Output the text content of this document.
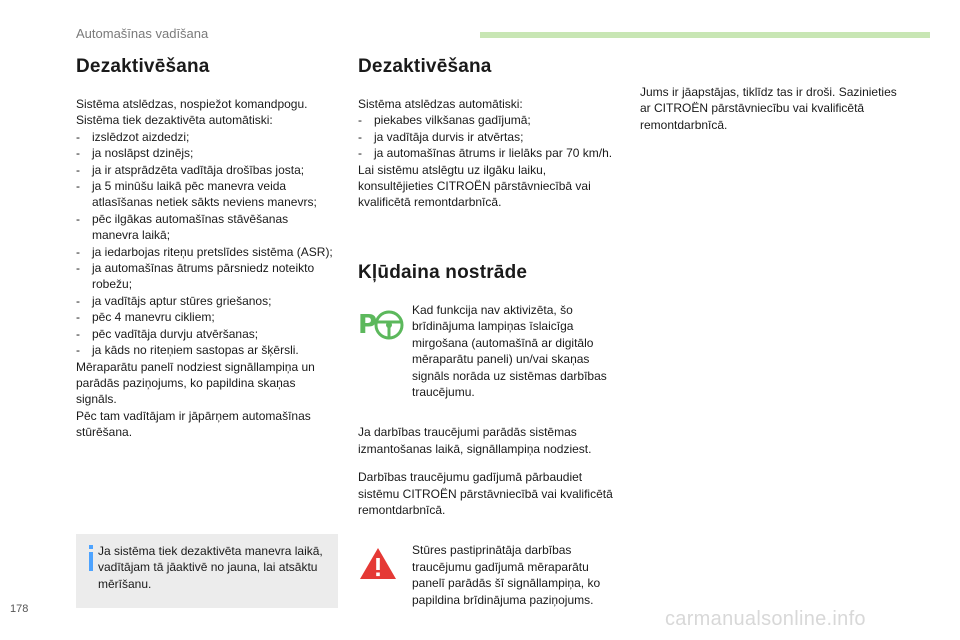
Automašīnas vadīšana
Dezaktivēšana

Sistēma atslēdzas, nospiežot komandpogu.

Sistēma tiek dezaktivēta automātiski:

- izslēdzot aizdedzi;
- ja noslāpst dzinējs;
- ja ir atsprādzēta vadītāja drošības josta;
- ja 5 minūšu laikā pēc manevra veida atlasīšanas netiek sākts neviens manevrs;
- pēc ilgākas automašīnas stāvēšanas manevra laikā;
- ja iedarbojas riteņu pretslīdes sistēma (ASR);
- ja automašīnas ātrums pārsniedz noteikto robežu;
- ja vadītājs aptur stūres griešanos;
- pēc 4 manevru cikliem;
- pēc vadītāja durvju atvēršanas;
- ja kāds no riteņiem sastopas ar šķērsli.

Mēraparātu panelī nodziest signāllampiņa un parādās paziņojums, ko papildina skaņas signāls.

Pēc tam vadītājam ir jāpārņem automašīnas stūrēšana.

Ja sistēma tiek dezaktivēta manevra laikā, vadītājam tā jāaktivē no jauna, lai atsāktu mērīšanu.
Dezaktivēšana

Sistēma atslēdzas automātiski:

- piekabes vilkšanas gadījumā;
- ja vadītāja durvis ir atvērtas;
- ja automašīnas ātrums ir lielāks par 70 km/h.

Lai sistēmu atslēgtu uz ilgāku laiku, konsultējieties CITROËN pārstāvniecībā vai kvalificētā remontdarbnīcā.

Kļūdaina nostrāde
P	Kad funkcija nav aktivizēta, šo brīdinājuma lampiņas īslaicīga mirgošana (automašīnā ar digitālo mēraparātu paneli) un/vai skaņas signāls norāda uz sistēmas darbības traucējumu.

Ja darbības traucējumi parādās sistēmas izmantošanas laikā, signāllampiņa nodziest.

Darbības traucējumu gadījumā pārbaudiet sistēmu CITROËN pārstāvniecībā vai kvalificētā remontdarbnīcā.

Stūres pastiprinātāja darbības traucējumu gadījumā mēraparātu panelī parādās šī signāllampiņa, ko papildina brīdinājuma paziņojums.

Jums ir jāapstājas, tiklīdz tas ir droši. Sazinieties ar CITROËN pārstāvniecību vai kvalificētā remontdarbnīcā.

178	carmanualsonline.info
